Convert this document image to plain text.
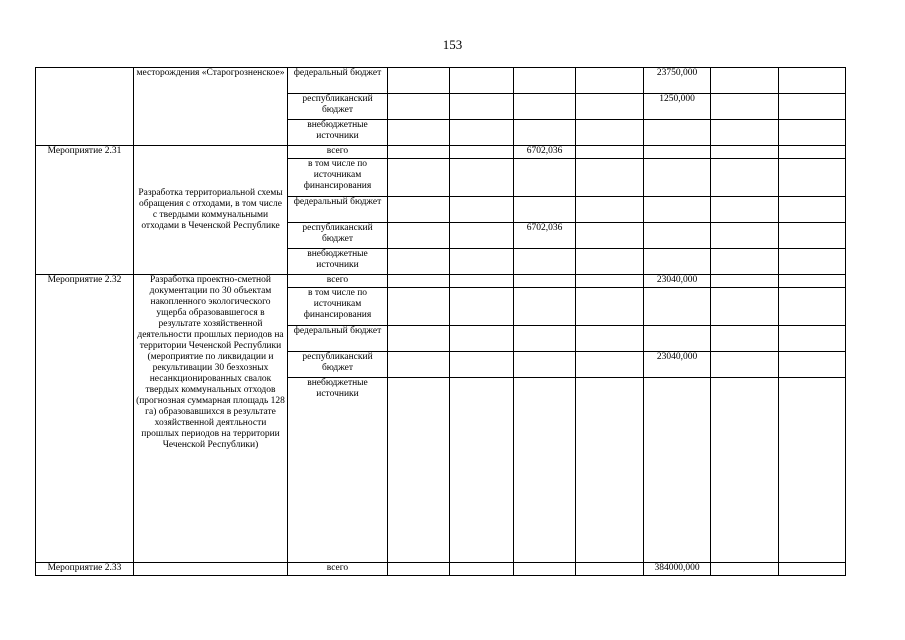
153
	месторождения «Старогрозненское»	федеральный бюджет					23750,000		
		республиканский бюджет					1250,000		
		внебюджетные источники							
Мероприятие 2.31	Разработка территориальной схемы обращения с отходами, в том числе с твердыми коммунальными отходами в Чеченской Республике	всего			6702,036				
		в том числе по источникам финансирования							
		федеральный бюджет							
		республиканский бюджет			6702,036				
		внебюджетные источники							
Мероприятие 2.32	Разработка проектно-сметной документации по 30 объектам накопленного экологического ущерба образовавшегося в результате хозяйственной деятельности прошлых периодов на территории Чеченской Республики (мероприятие по ликвидации и рекультивации 30 безхозных несанкционированных свалок твердых коммунальных отходов (прогнозная суммарная площадь 128 га) образовавшихся в результате хозяйственной деятльности прошлых периодов на территории Чеченской Республики)	всего					23040,000		
		в том числе по источникам финансирования							
		федеральный бюджет							
		республиканский бюджет					23040,000		
		внебюджетные источники							
Мероприятие 2.33		всего					384000,000		
